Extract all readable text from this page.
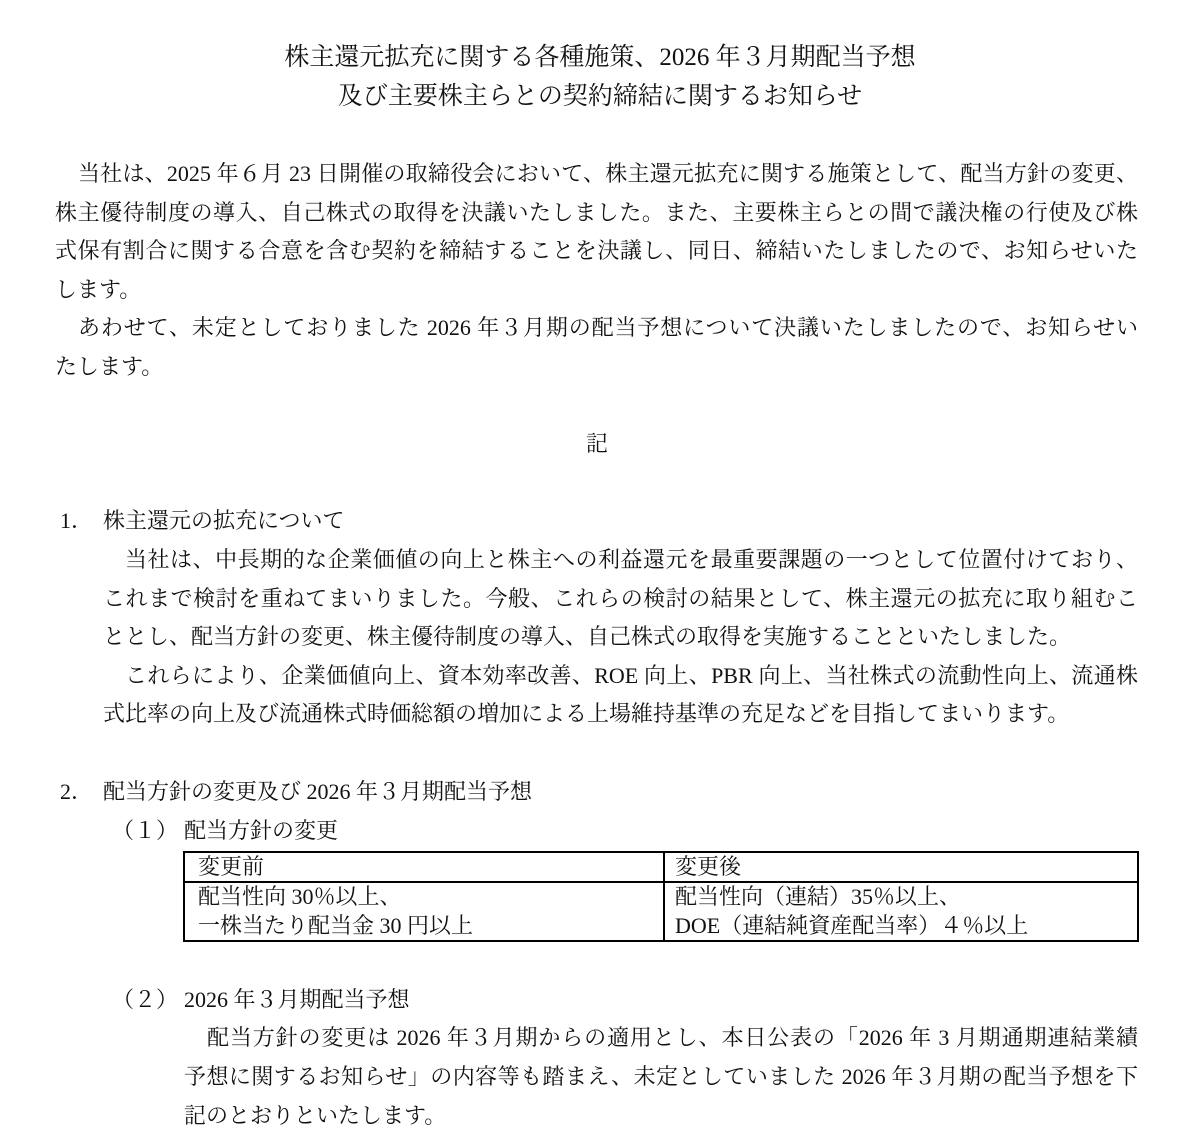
株主還元拡充に関する各種施策、2026 年３月期配当予想
及び主要株主らとの契約締結に関するお知らせ
当社は、2025 年６月 23 日開催の取締役会において、株主還元拡充に関する施策として、配当方針の変更、
株主優待制度の導入、自己株式の取得を決議いたしました。また、主要株主らとの間で議決権の行使及び株
式保有割合に関する合意を含む契約を締結することを決議し、同日、締結いたしましたので、お知らせいた
します。
あわせて、未定としておりました 2026 年３月期の配当予想について決議いたしましたので、お知らせい
たします。
記
1． 株主還元の拡充について
当社は、中長期的な企業価値の向上と株主への利益還元を最重要課題の一つとして位置付けており、
これまで検討を重ねてまいりました。今般、これらの検討の結果として、株主還元の拡充に取り組むこ
ととし、配当方針の変更、株主優待制度の導入、自己株式の取得を実施することといたしました。
これらにより、企業価値向上、資本効率改善、ROE 向上、PBR 向上、当社株式の流動性向上、流通株
式比率の向上及び流通株式時価総額の増加による上場維持基準の充足などを目指してまいります。
2． 配当方針の変更及び 2026 年３月期配当予想
（１） 配当方針の変更
変更前	変更後
配当性向 30％以上、
一株当たり配当金 30 円以上
配当性向（連結）35％以上、
DOE（連結純資産配当率）４％以上
（２） 2026 年３月期配当予想
配当方針の変更は 2026 年３月期からの適用とし、本日公表の「2026 年 3 月期通期連結業績
予想に関するお知らせ」の内容等も踏まえ、未定としていました 2026 年３月期の配当予想を下
記のとおりといたします。
